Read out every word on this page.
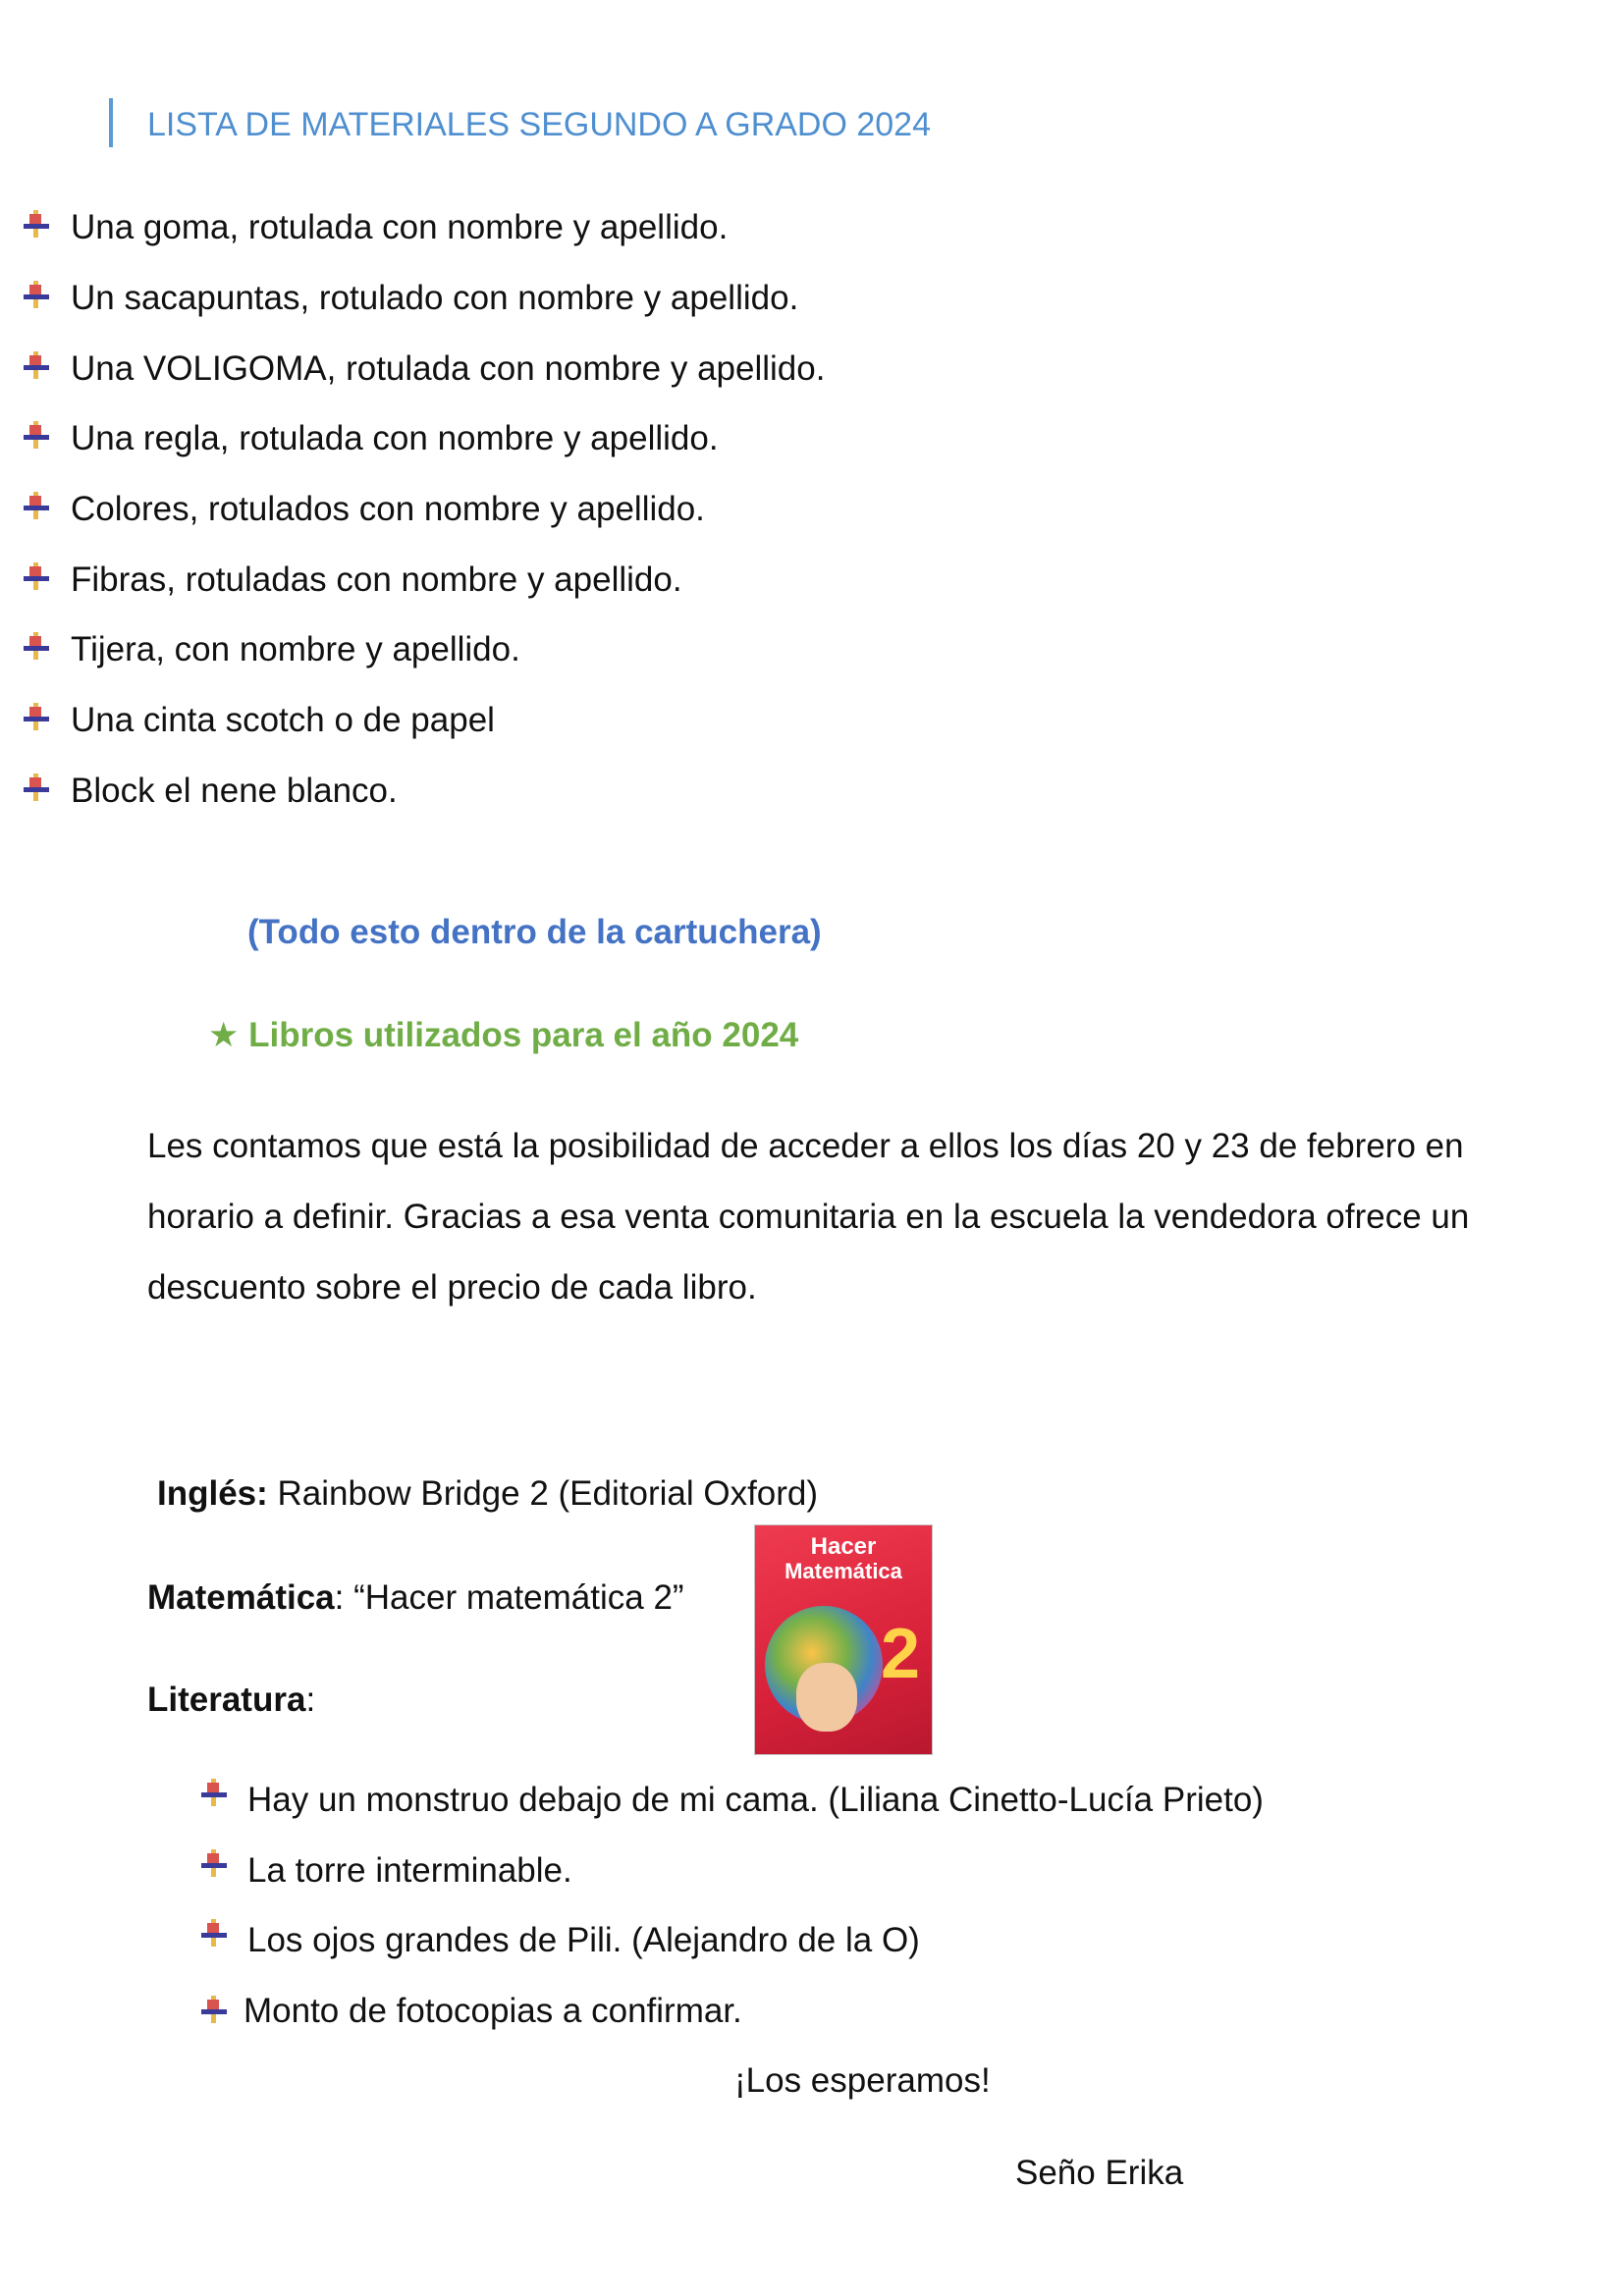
LISTA DE MATERIALES SEGUNDO A GRADO 2024
Una goma, rotulada con nombre y apellido.
Un sacapuntas, rotulado con nombre y apellido.
Una VOLIGOMA, rotulada con nombre y apellido.
Una regla, rotulada con nombre y apellido.
Colores, rotulados con nombre y apellido.
Fibras, rotuladas con nombre y apellido.
Tijera, con nombre y apellido.
Una cinta scotch o de papel
Block el nene blanco.
(Todo esto dentro de la cartuchera)
★ Libros utilizados para el año 2024
Les contamos que está la posibilidad de acceder a ellos los días 20 y 23 de febrero en
horario a definir. Gracias a esa venta comunitaria en la escuela la vendedora ofrece un
descuento sobre el precio de cada libro.
Inglés: Rainbow Bridge 2 (Editorial Oxford)
Matemática: “Hacer matemática 2”
Literatura:
Hacer
Matemática
2
Hay un monstruo debajo de mi cama. (Liliana Cinetto-Lucía Prieto)
La torre interminable.
Los ojos grandes de Pili. (Alejandro de la O)
Monto de fotocopias a confirmar.
¡Los esperamos!
Seño Erika
